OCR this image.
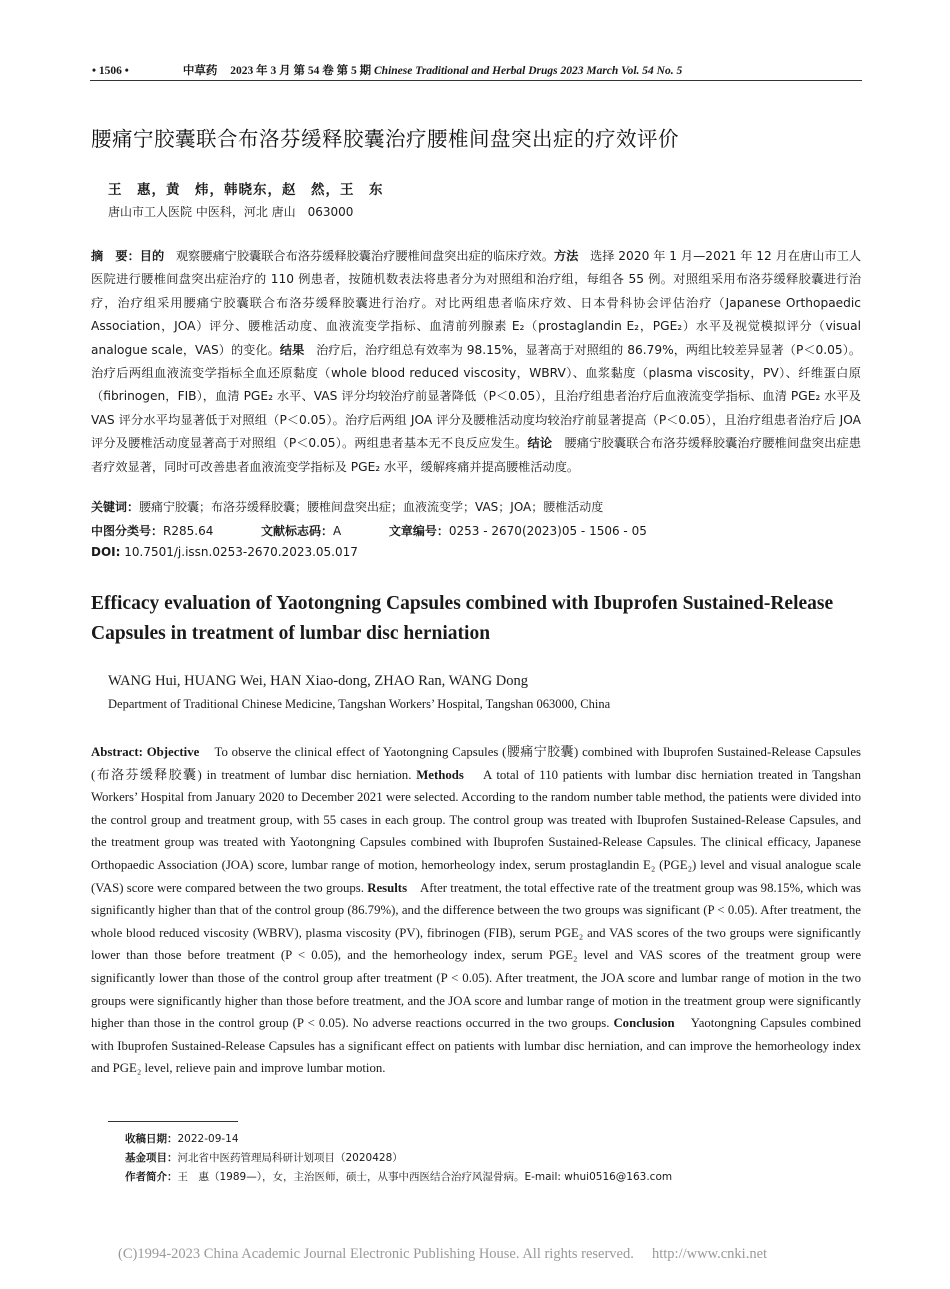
• 1506 •	中草药 2023 年 3 月 第 54 卷 第 5 期 Chinese Traditional and Herbal Drugs 2023 March Vol. 54 No. 5
腰痛宁胶囊联合布洛芬缓释胶囊治疗腰椎间盘突出症的疗效评价
王　惠，黄　炜，韩晓东，赵　然，王　东
唐山市工人医院 中医科，河北 唐山　063000
摘　要：目的 观察腰痛宁胶囊联合布洛芬缓释胶囊治疗腰椎间盘突出症的临床疗效。方法 选择 2020 年 1 月—2021 年 12 月在唐山市工人医院进行腰椎间盘突出症治疗的 110 例患者，按随机数表法将患者分为对照组和治疗组，每组各 55 例。对照组采用布洛芬缓释胶囊进行治疗，治疗组采用腰痛宁胶囊联合布洛芬缓释胶囊进行治疗。对比两组患者临床疗效、日本骨科协会评估治疗（Japanese Orthopaedic Association，JOA）评分、腰椎活动度、血液流变学指标、血清前列腺素 E₂（prostaglandin E₂，PGE₂）水平及视觉模拟评分（visual analogue scale，VAS）的变化。结果 治疗后，治疗组总有效率为 98.15%，显著高于对照组的 86.79%，两组比较差异显著（P＜0.05）。治疗后两组血液流变学指标全血还原黏度（whole blood reduced viscosity，WBRV）、血浆黏度（plasma viscosity，PV）、纤维蛋白原（fibrinogen，FIB），血清 PGE₂ 水平、VAS 评分均较治疗前显著降低（P＜0.05），且治疗组患者治疗后血液流变学指标、血清 PGE₂ 水平及 VAS 评分水平均显著低于对照组（P＜0.05）。治疗后两组 JOA 评分及腰椎活动度均较治疗前显著提高（P＜0.05），且治疗组患者治疗后 JOA 评分及腰椎活动度显著高于对照组（P＜0.05）。两组患者基本无不良反应发生。结论 腰痛宁胶囊联合布洛芬缓释胶囊治疗腰椎间盘突出症患者疗效显著，同时可改善患者血液流变学指标及 PGE₂ 水平，缓解疼痛并提高腰椎活动度。
关键词：腰痛宁胶囊；布洛芬缓释胶囊；腰椎间盘突出症；血液流变学；VAS；JOA；腰椎活动度
中图分类号：R285.64	文献标志码：A	文章编号：0253 - 2670(2023)05 - 1506 - 05
DOI: 10.7501/j.issn.0253-2670.2023.05.017
Efficacy evaluation of Yaotongning Capsules combined with Ibuprofen Sustained-Release Capsules in treatment of lumbar disc herniation
WANG Hui, HUANG Wei, HAN Xiao-dong, ZHAO Ran, WANG Dong
Department of Traditional Chinese Medicine, Tangshan Workers’ Hospital, Tangshan 063000, China
Abstract: Objective To observe the clinical effect of Yaotongning Capsules (腰痛宁胶囊) combined with Ibuprofen Sustained-Release Capsules (布洛芬缓释胶囊) in treatment of lumbar disc herniation. Methods A total of 110 patients with lumbar disc herniation treated in Tangshan Workers’ Hospital from January 2020 to December 2021 were selected. According to the random number table method, the patients were divided into the control group and treatment group, with 55 cases in each group. The control group was treated with Ibuprofen Sustained-Release Capsules, and the treatment group was treated with Yaotongning Capsules combined with Ibuprofen Sustained-Release Capsules. The clinical efficacy, Japanese Orthopaedic Association (JOA) score, lumbar range of motion, hemorheology index, serum prostaglandin E₂ (PGE₂) level and visual analogue scale (VAS) score were compared between the two groups. Results After treatment, the total effective rate of the treatment group was 98.15%, which was significantly higher than that of the control group (86.79%), and the difference between the two groups was significant (P < 0.05). After treatment, the whole blood reduced viscosity (WBRV), plasma viscosity (PV), fibrinogen (FIB), serum PGE₂ and VAS scores of the two groups were significantly lower than those before treatment (P < 0.05), and the hemorheology index, serum PGE₂ level and VAS scores of the treatment group were significantly lower than those of the control group after treatment (P < 0.05). After treatment, the JOA score and lumbar range of motion in the two groups were significantly higher than those before treatment, and the JOA score and lumbar range of motion in the treatment group were significantly higher than those in the control group (P < 0.05). No adverse reactions occurred in the two groups. Conclusion Yaotongning Capsules combined with Ibuprofen Sustained-Release Capsules has a significant effect on patients with lumbar disc herniation, and can improve the hemorheology index and PGE₂ level, relieve pain and improve lumbar motion.
收稿日期：2022-09-14
基金项目：河北省中医药管理局科研计划项目（2020428）
作者简介：王　惠（1989—），女，主治医师，硕士，从事中西医结合治疗风湿骨病。E-mail: whui0516@163.com
(C)1994-2023 China Academic Journal Electronic Publishing House. All rights reserved.　 http://www.cnki.net
